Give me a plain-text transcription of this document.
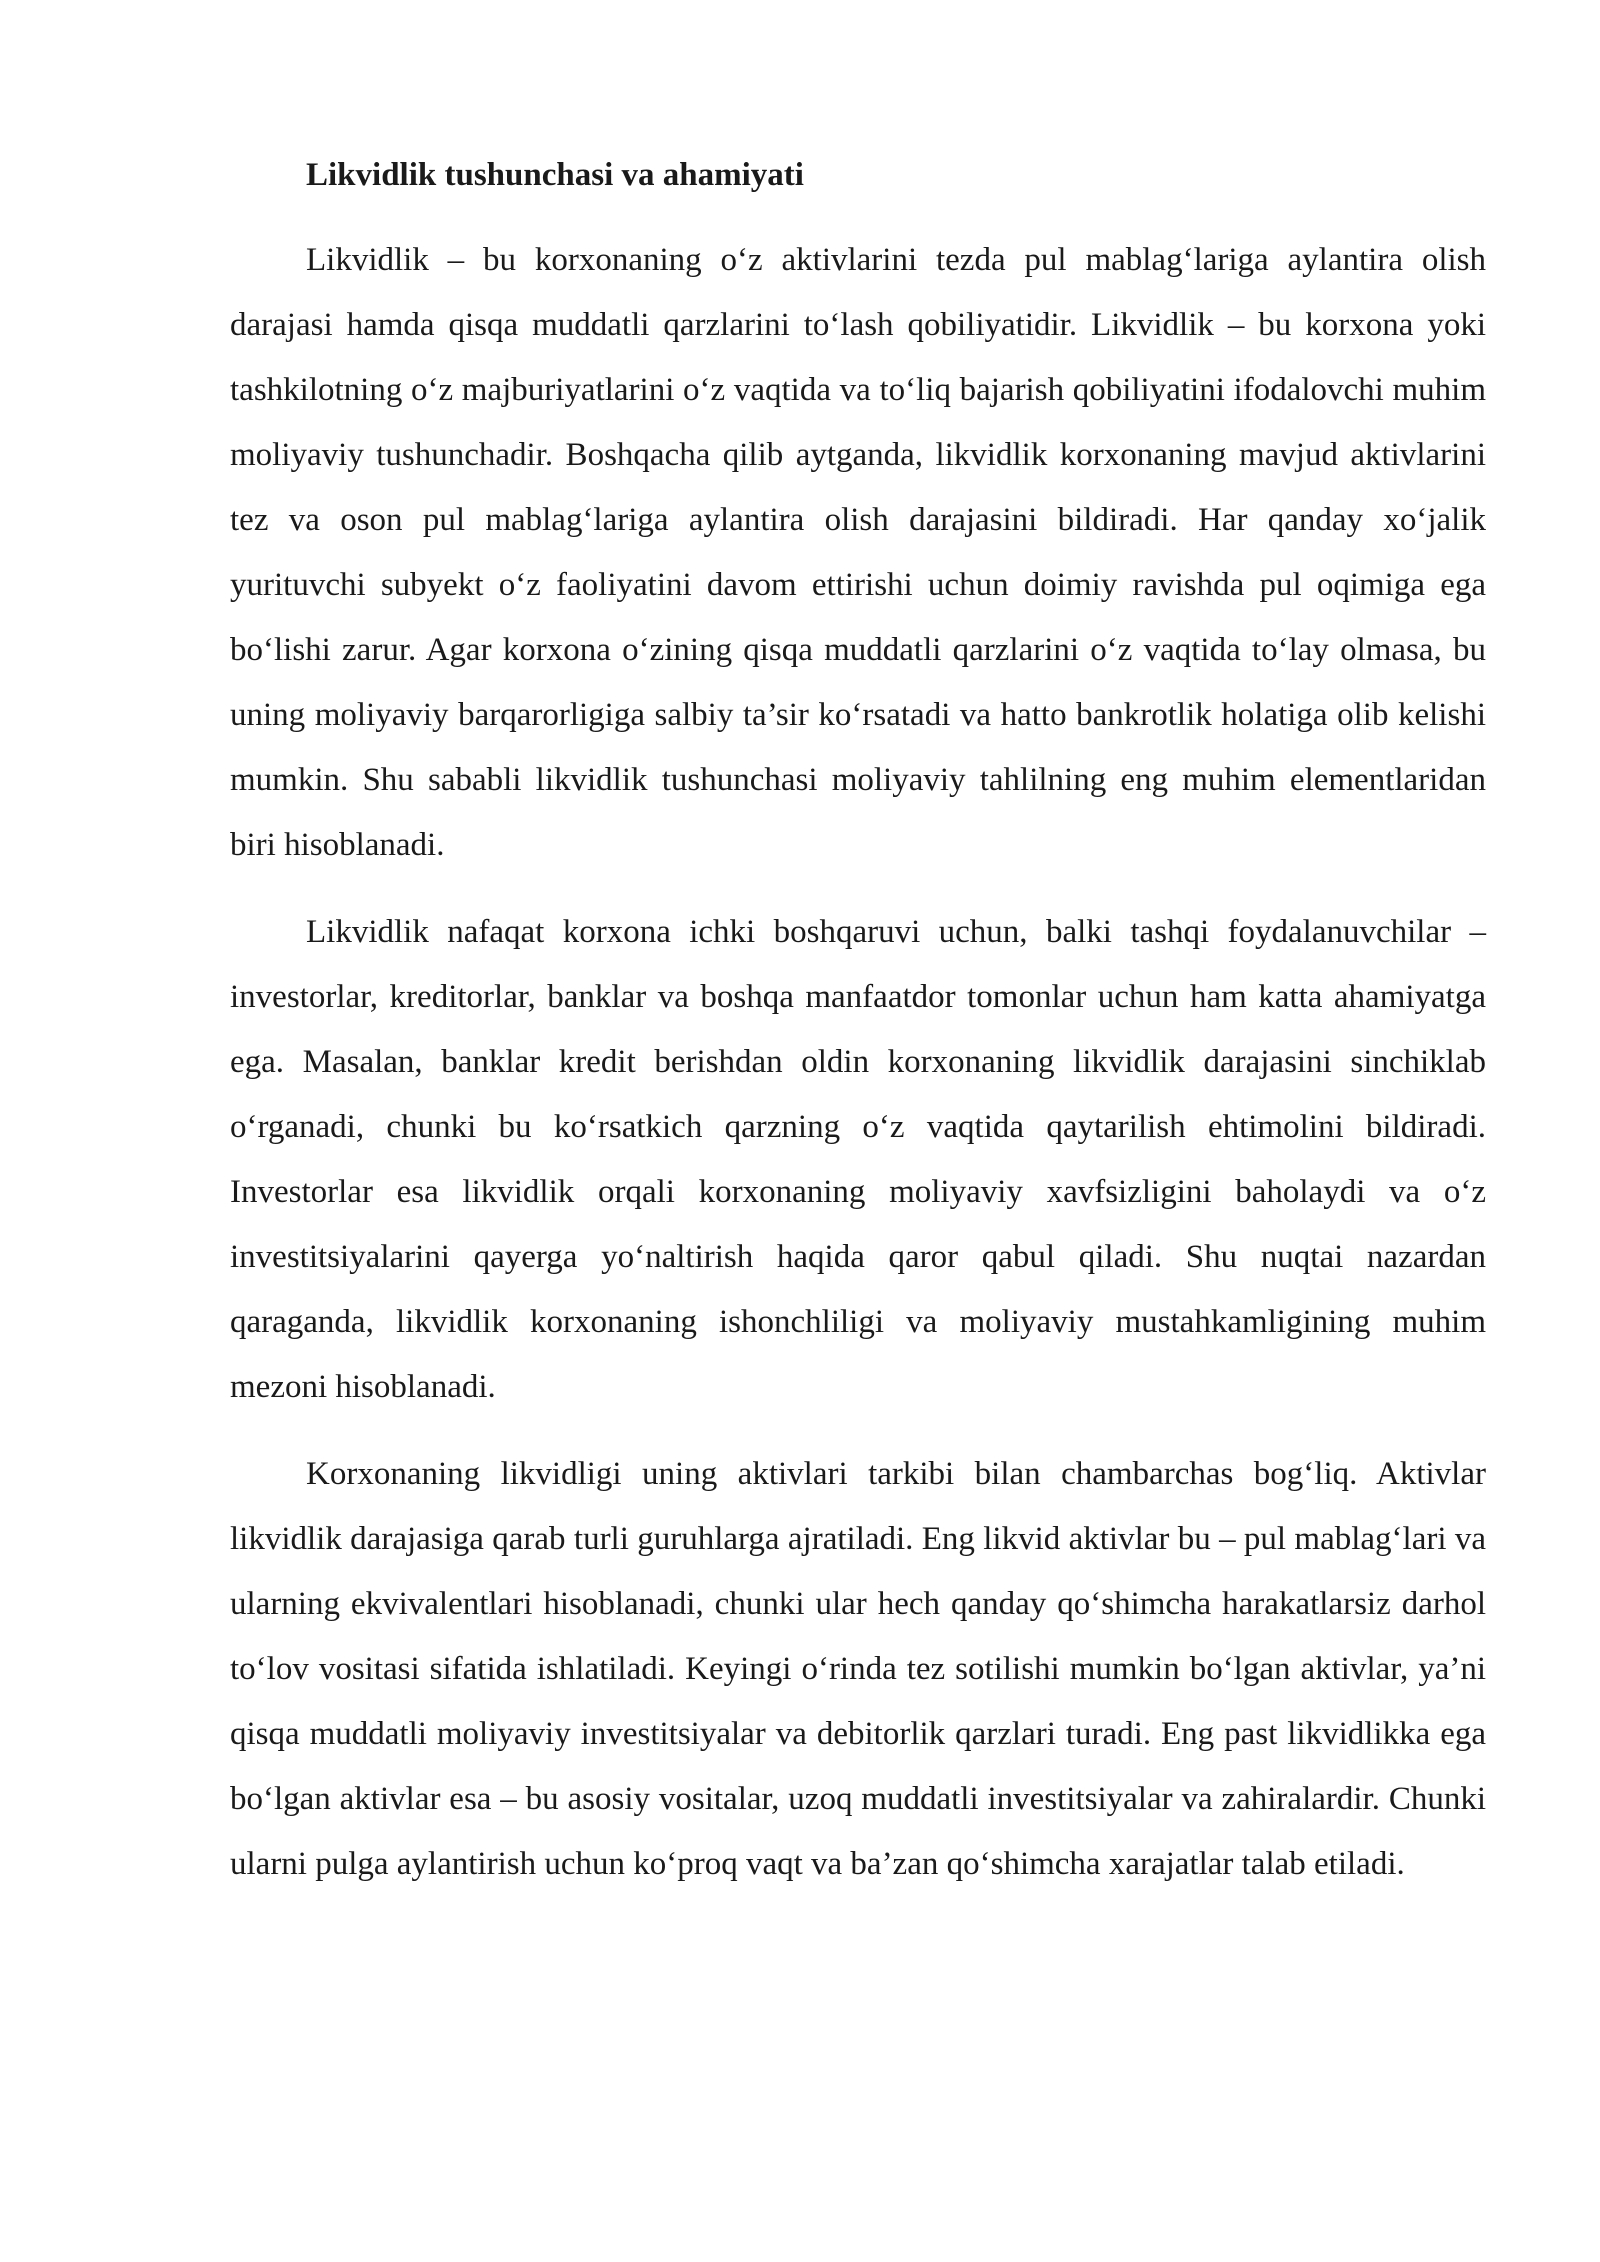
Likvidlik tushunchasi va ahamiyati

Likvidlik – bu korxonaning o‘z aktivlarini tezda pul mablag‘lariga aylantira olish darajasi hamda qisqa muddatli qarzlarini to‘lash qobiliyatidir. Likvidlik – bu korxona yoki tashkilotning o‘z majburiyatlarini o‘z vaqtida va to‘liq bajarish qobiliyatini ifodalovchi muhim moliyaviy tushunchadir. Boshqacha qilib aytganda, likvidlik korxonaning mavjud aktivlarini tez va oson pul mablag‘lariga aylantira olish darajasini bildiradi. Har qanday xo‘jalik yurituvchi subyekt o‘z faoliyatini davom ettirishi uchun doimiy ravishda pul oqimiga ega bo‘lishi zarur. Agar korxona o‘zining qisqa muddatli qarzlarini o‘z vaqtida to‘lay olmasa, bu uning moliyaviy barqarorligiga salbiy ta’sir ko‘rsatadi va hatto bankrotlik holatiga olib kelishi mumkin. Shu sababli likvidlik tushunchasi moliyaviy tahlilning eng muhim elementlaridan biri hisoblanadi.

Likvidlik nafaqat korxona ichki boshqaruvi uchun, balki tashqi foydalanuvchilar – investorlar, kreditorlar, banklar va boshqa manfaatdor tomonlar uchun ham katta ahamiyatga ega. Masalan, banklar kredit berishdan oldin korxonaning likvidlik darajasini sinchiklab o‘rganadi, chunki bu ko‘rsatkich qarzning o‘z vaqtida qaytarilish ehtimolini bildiradi. Investorlar esa likvidlik orqali korxonaning moliyaviy xavfsizligini baholaydi va o‘z investitsiyalarini qayerga yo‘naltirish haqida qaror qabul qiladi. Shu nuqtai nazardan qaraganda, likvidlik korxonaning ishonchliligi va moliyaviy mustahkamligining muhim mezoni hisoblanadi.

Korxonaning likvidligi uning aktivlari tarkibi bilan chambarchas bog‘liq. Aktivlar likvidlik darajasiga qarab turli guruhlarga ajratiladi. Eng likvid aktivlar bu – pul mablag‘lari va ularning ekvivalentlari hisoblanadi, chunki ular hech qanday qo‘shimcha harakatlarsiz darhol to‘lov vositasi sifatida ishlatiladi. Keyingi o‘rinda tez sotilishi mumkin bo‘lgan aktivlar, ya’ni qisqa muddatli moliyaviy investitsiyalar va debitorlik qarzlari turadi. Eng past likvidlikka ega bo‘lgan aktivlar esa – bu asosiy vositalar, uzoq muddatli investitsiyalar va zahiralardir. Chunki ularni pulga aylantirish uchun ko‘proq vaqt va ba’zan qo‘shimcha xarajatlar talab etiladi.
